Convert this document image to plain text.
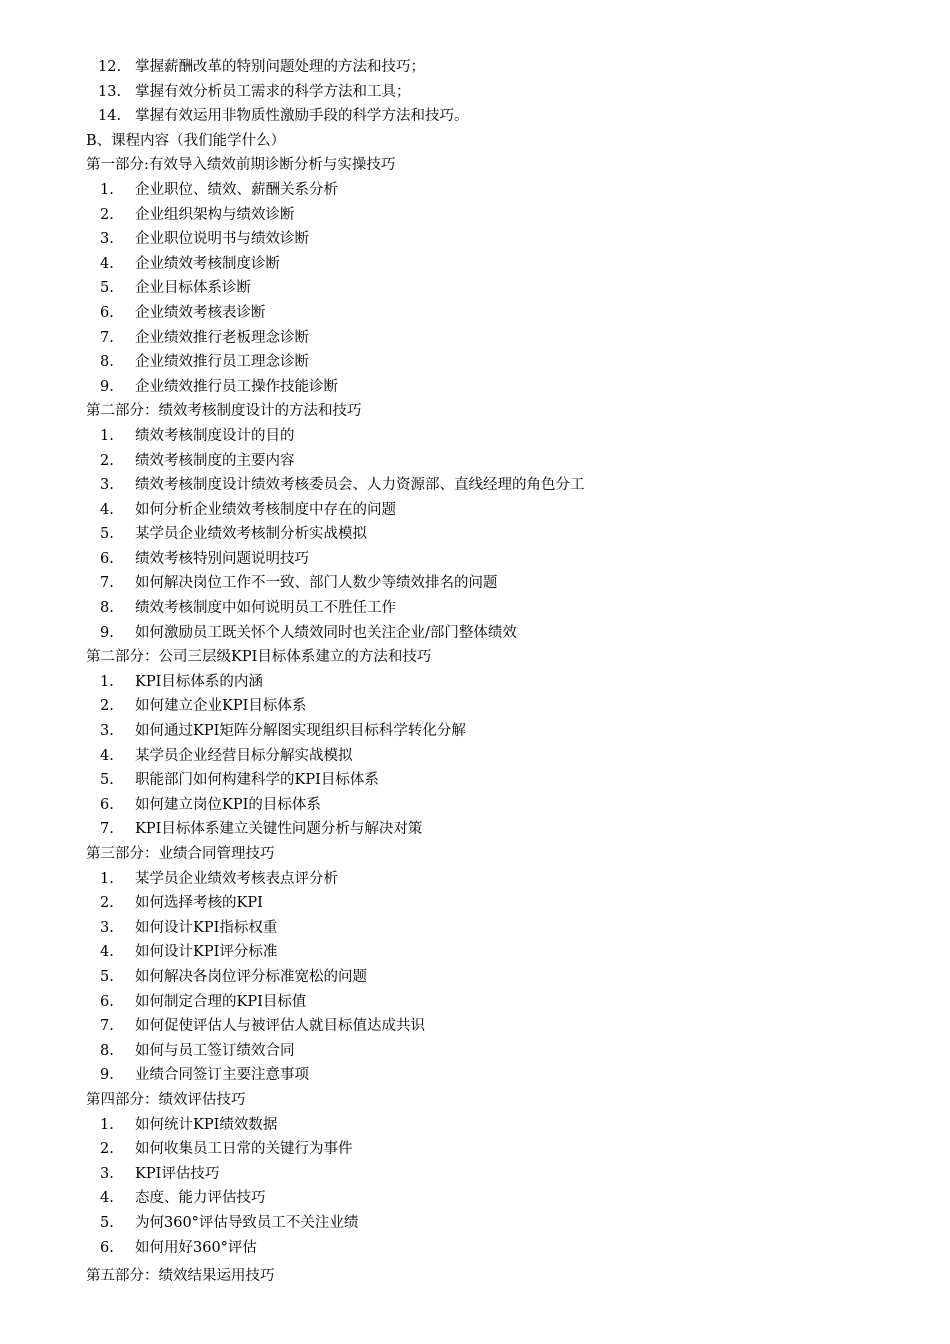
12. 掌握薪酬改革的特别问题处理的方法和技巧；
13. 掌握有效分析员工需求的科学方法和工具；
14. 掌握有效运用非物质性激励手段的科学方法和技巧。
B、课程内容（我们能学什么）
第一部分:有效导入绩效前期诊断分析与实操技巧
1.	企业职位、绩效、薪酬关系分析
2.	企业组织架构与绩效诊断
3.	企业职位说明书与绩效诊断
4.	企业绩效考核制度诊断
5.	企业目标体系诊断
6.	企业绩效考核表诊断
7.	企业绩效推行老板理念诊断
8.	企业绩效推行员工理念诊断
9.	企业绩效推行员工操作技能诊断
第二部分：绩效考核制度设计的方法和技巧
1.	绩效考核制度设计的目的
2.	绩效考核制度的主要内容
3.	绩效考核制度设计绩效考核委员会、人力资源部、直线经理的角色分工
4.	如何分析企业绩效考核制度中存在的问题
5.	某学员企业绩效考核制分析实战模拟
6.	绩效考核特别问题说明技巧
7.	如何解决岗位工作不一致、部门人数少等绩效排名的问题
8.	绩效考核制度中如何说明员工不胜任工作
9.	如何激励员工既关怀个人绩效同时也关注企业/部门整体绩效
第二部分：公司三层级KPI目标体系建立的方法和技巧
1.	KPI目标体系的内涵
2.	如何建立企业KPI目标体系
3.	如何通过KPI矩阵分解图实现组织目标科学转化分解
4.	某学员企业经营目标分解实战模拟
5.	职能部门如何构建科学的KPI目标体系
6.	如何建立岗位KPI的目标体系
7.	KPI目标体系建立关键性问题分析与解决对策
第三部分：业绩合同管理技巧
1.	某学员企业绩效考核表点评分析
2.	如何选择考核的KPI
3.	如何设计KPI指标权重
4.	如何设计KPI评分标准
5.	如何解决各岗位评分标准宽松的问题
6.	如何制定合理的KPI目标值
7.	如何促使评估人与被评估人就目标值达成共识
8.	如何与员工签订绩效合同
9.	业绩合同签订主要注意事项
第四部分：绩效评估技巧
1.	如何统计KPI绩效数据
2.	如何收集员工日常的关键行为事件
3.	KPI评估技巧
4.	态度、能力评估技巧
5.	为何360°评估导致员工不关注业绩
6.	如何用好360°评估
第五部分：绩效结果运用技巧
